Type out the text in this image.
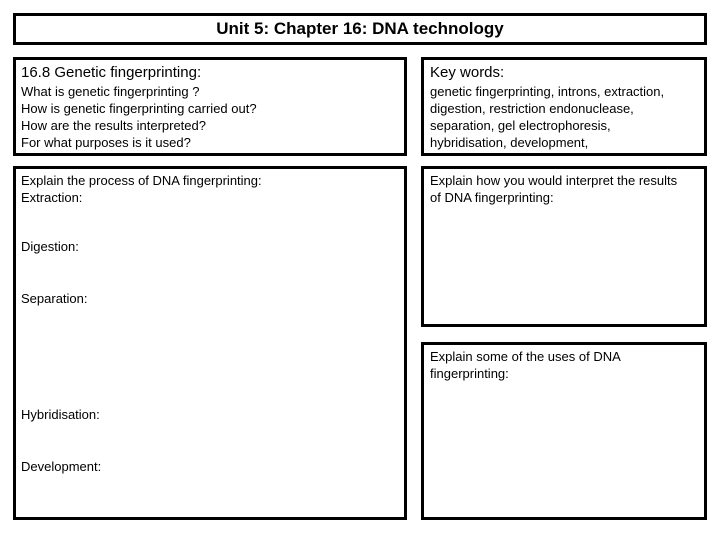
Unit 5: Chapter 16: DNA technology
16.8 Genetic fingerprinting:
What is genetic fingerprinting ?
How is genetic fingerprinting carried out?
How are the results interpreted?
For what purposes is it used?
Key words:
genetic fingerprinting, introns, extraction,
digestion, restriction endonuclease,
separation, gel electrophoresis,
hybridisation, development,
Explain the process of DNA fingerprinting:
Extraction:
Digestion:
Separation:
Hybridisation:
Development:
Explain how you would interpret the results
of DNA fingerprinting:
Explain some of the uses of DNA
fingerprinting:
